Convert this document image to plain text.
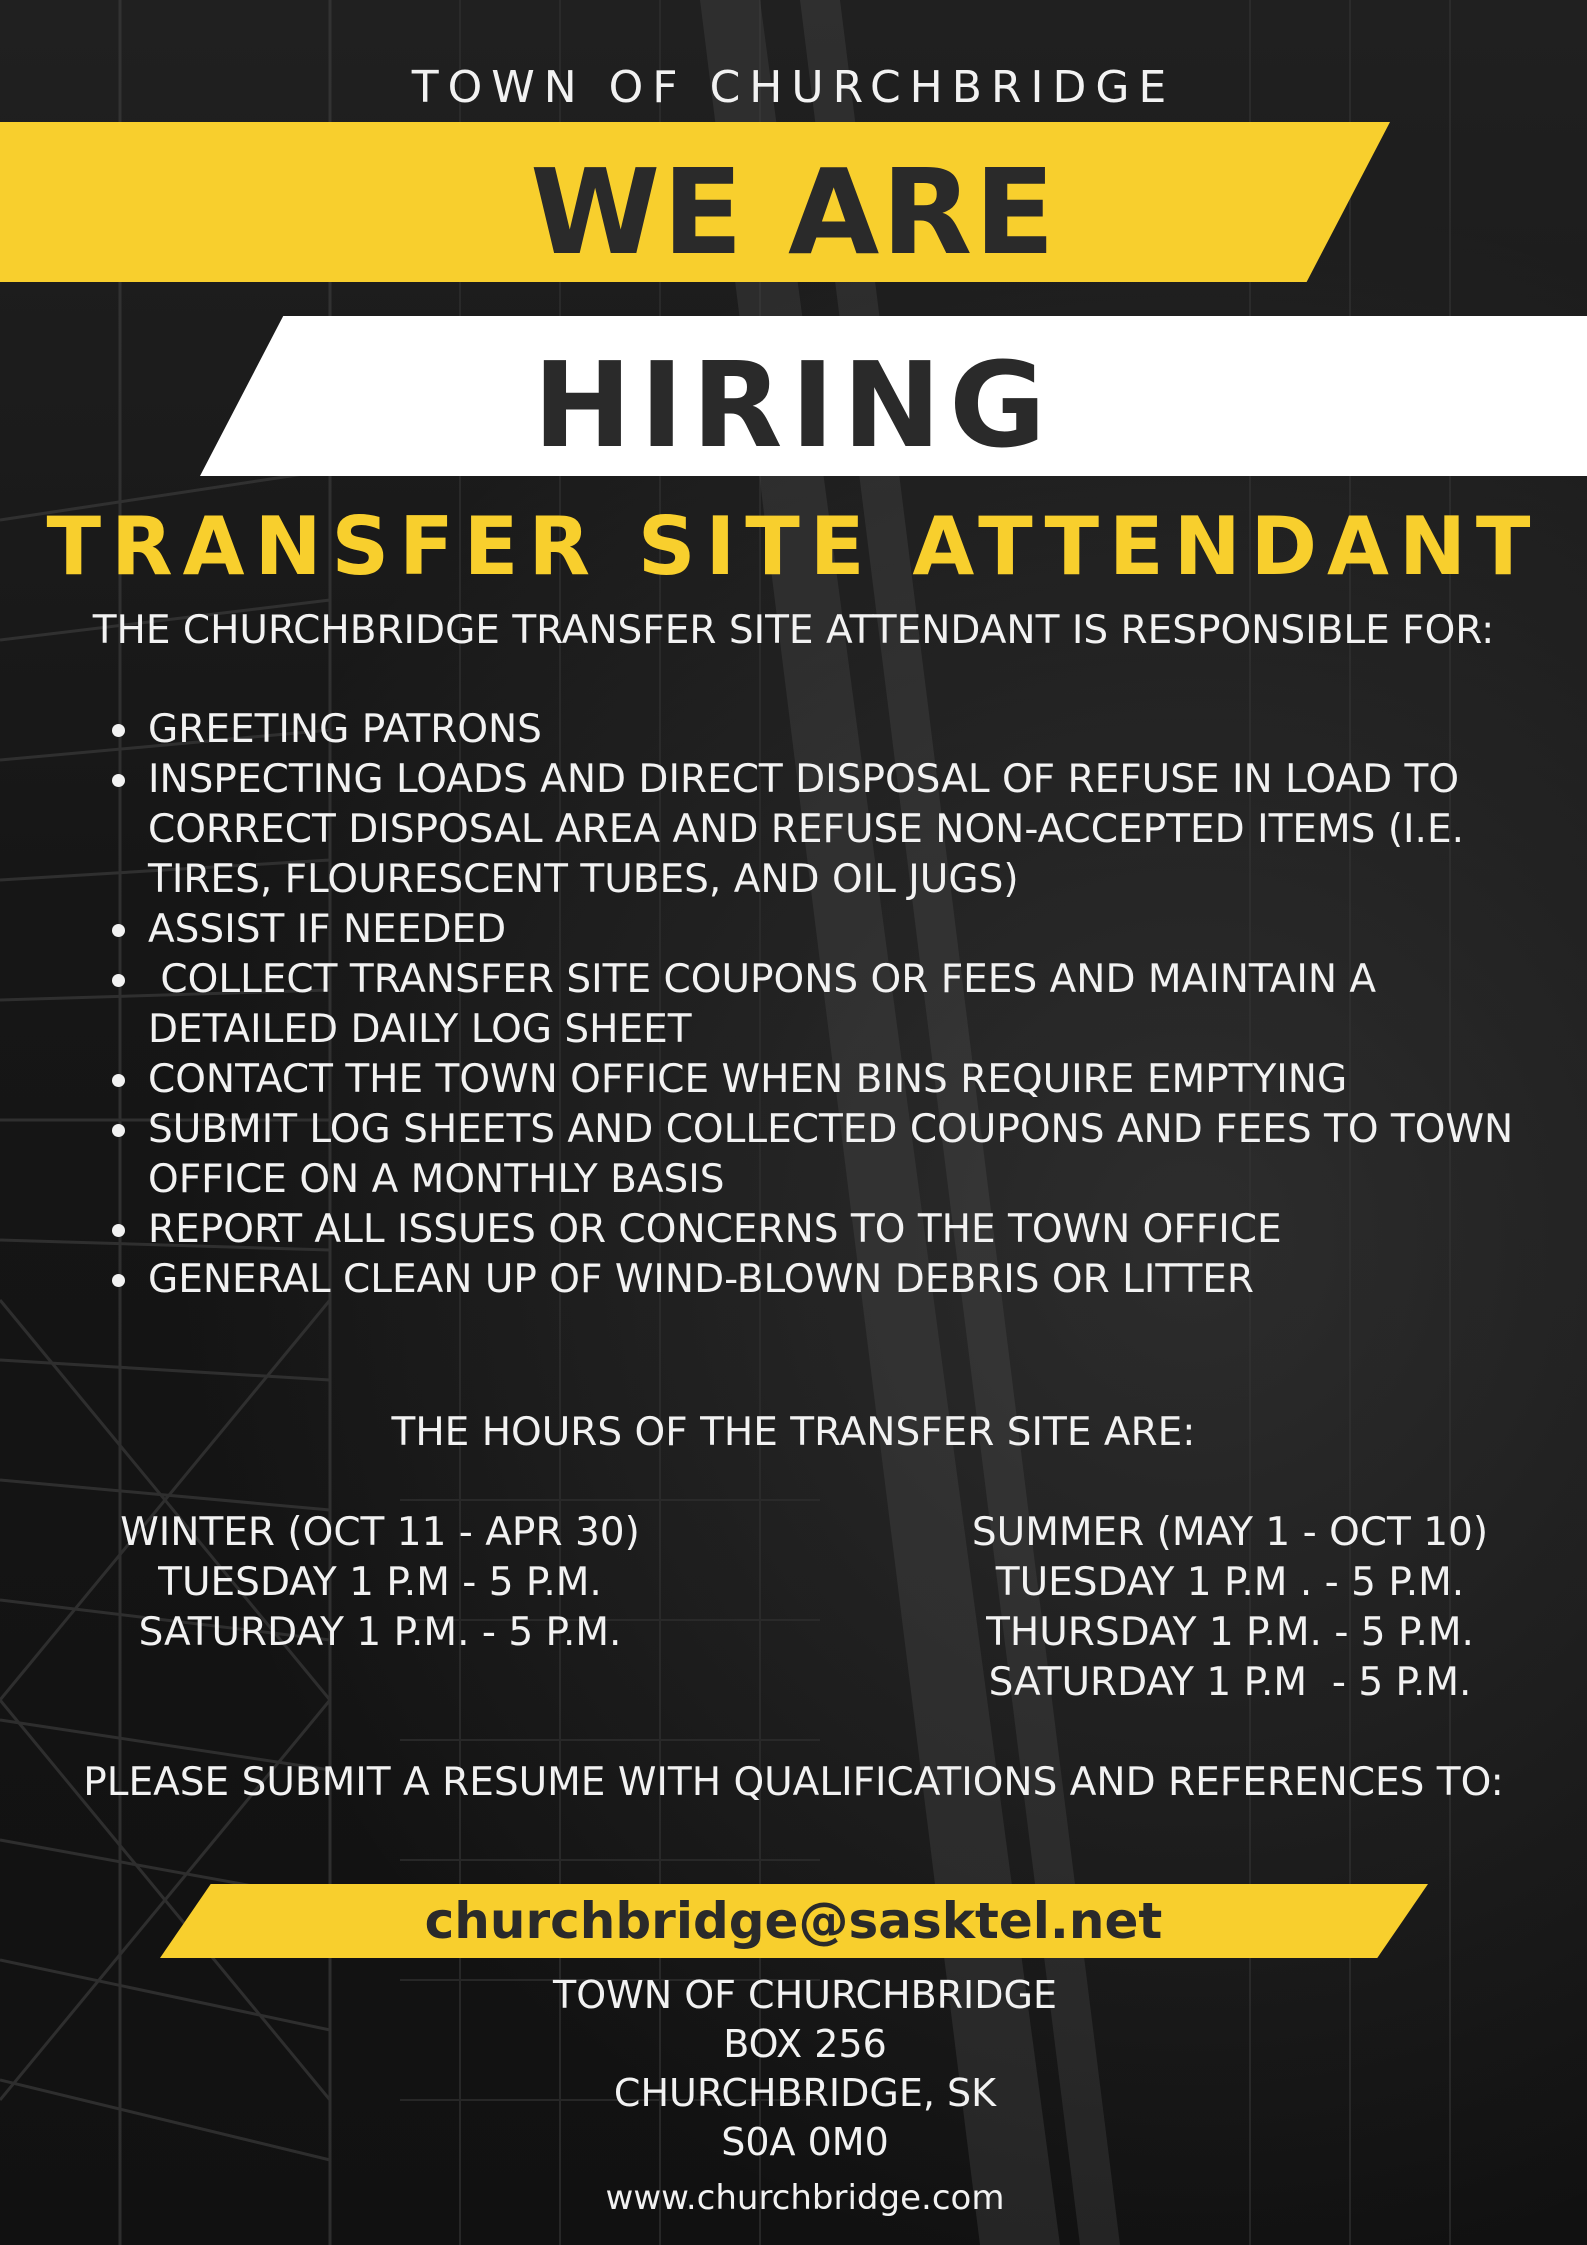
TOWN OF CHURCHBRIDGE
WE ARE
HIRING
TRANSFER SITE ATTENDANT
THE CHURCHBRIDGE TRANSFER SITE ATTENDANT IS RESPONSIBLE FOR:
GREETING PATRONS
INSPECTING LOADS AND DIRECT DISPOSAL OF REFUSE IN LOAD TO CORRECT DISPOSAL AREA AND REFUSE NON-ACCEPTED ITEMS (I.E. TIRES, FLOURESCENT TUBES, AND OIL JUGS)
ASSIST IF NEEDED
COLLECT TRANSFER SITE COUPONS OR FEES AND MAINTAIN A DETAILED DAILY LOG SHEET
CONTACT THE TOWN OFFICE WHEN BINS REQUIRE EMPTYING
SUBMIT LOG SHEETS AND COLLECTED COUPONS AND FEES TO TOWN OFFICE ON A MONTHLY BASIS
REPORT ALL ISSUES OR CONCERNS TO THE TOWN OFFICE
GENERAL CLEAN UP OF WIND-BLOWN DEBRIS OR LITTER
THE HOURS OF THE TRANSFER SITE ARE:
WINTER (OCT 11 - APR 30)
TUESDAY 1 P.M - 5 P.M.
SATURDAY 1 P.M. - 5 P.M.
SUMMER (MAY 1 - OCT 10)
TUESDAY 1 P.M . - 5 P.M.
THURSDAY 1 P.M. - 5 P.M.
SATURDAY 1 P.M  - 5 P.M.
PLEASE SUBMIT A RESUME WITH QUALIFICATIONS AND REFERENCES TO:
churchbridge@sasktel.net
TOWN OF CHURCHBRIDGE
BOX 256
CHURCHBRIDGE, SK
S0A 0M0
www.churchbridge.com
